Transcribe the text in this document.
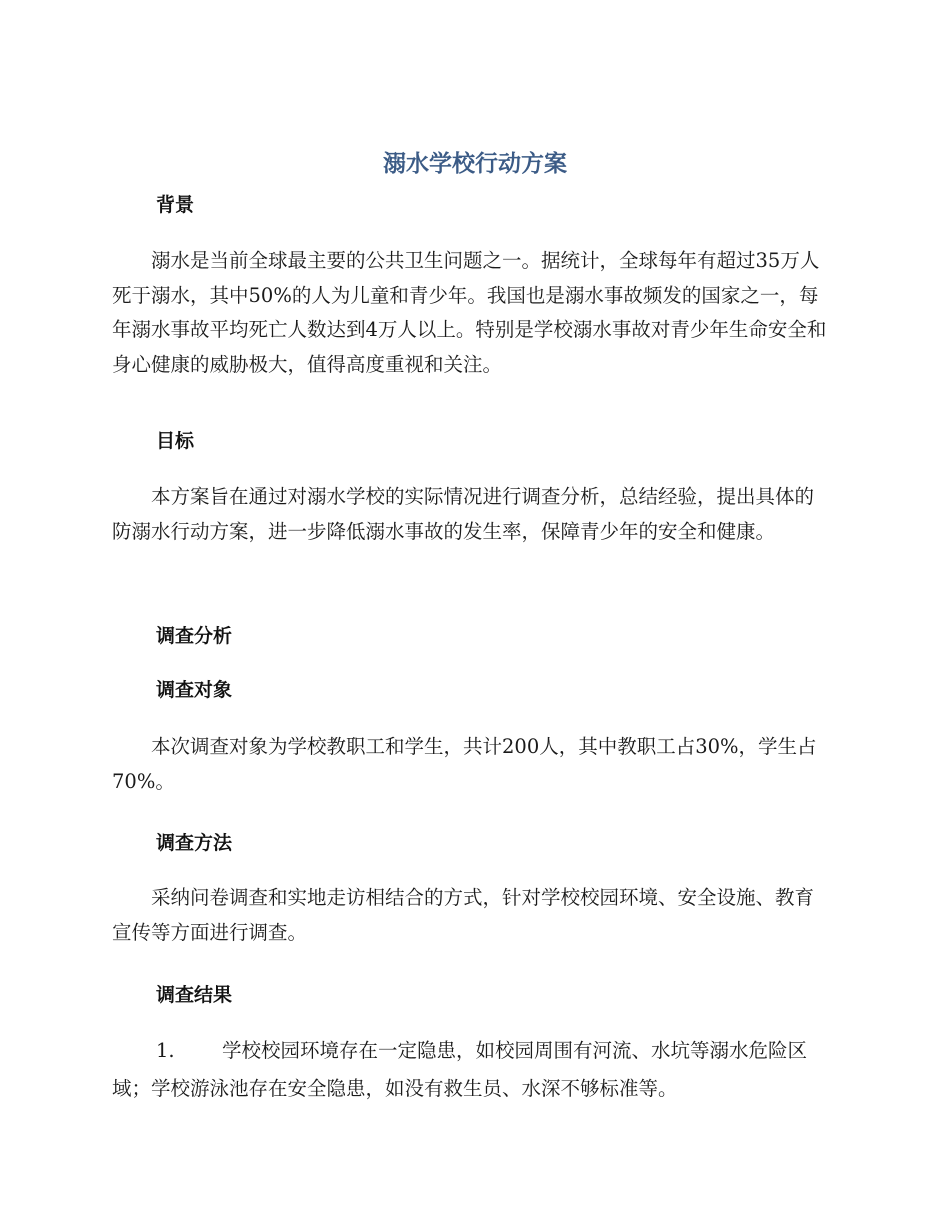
溺水学校行动方案
背景

溺水是当前全球最主要的公共卫生问题之一。据统计，全球每年有超过35万人死于溺水，其中50%的人为儿童和青少年。我国也是溺水事故频发的国家之一，每年溺水事故平均死亡人数达到4万人以上。特别是学校溺水事故对青少年生命安全和身心健康的威胁极大，值得高度重视和关注。

目标

本方案旨在通过对溺水学校的实际情况进行调查分析，总结经验，提出具体的防溺水行动方案，进一步降低溺水事故的发生率，保障青少年的安全和健康。

调查分析
调查对象

本次调查对象为学校教职工和学生，共计200人，其中教职工占30%，学生占70%。

调查方法

采纳问卷调查和实地走访相结合的方式，针对学校校园环境、安全设施、教育宣传等方面进行调查。

调查结果

1. 学校校园环境存在一定隐患，如校园周围有河流、水坑等溺水危险区域；学校游泳池存在安全隐患，如没有救生员、水深不够标准等。
